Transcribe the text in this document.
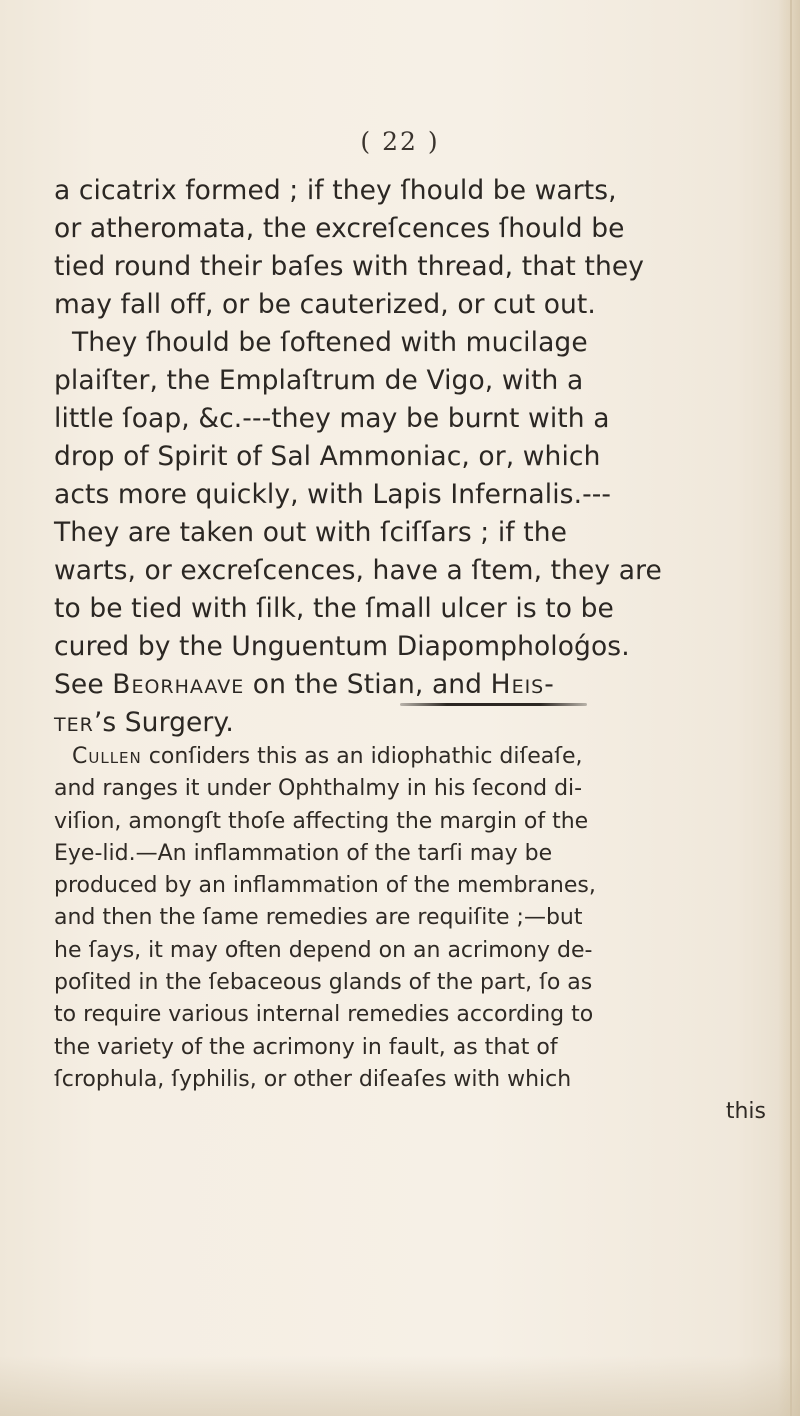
( 22 )
a cicatrix formed ; if they ſhould be warts,
or atheromata, the excreſcences ſhould be
tied round their baſes with thread, that they
may fall off, or be cauterized, or cut out.
They ſhould be ſoftened with mucilage
plaiſter, the Emplaſtrum de Vigo, with a
little ſoap, &c.---they may be burnt with a
drop of Spirit of Sal Ammoniac, or, which
acts more quickly, with Lapis Infernalis.---
They are taken out with ſciſſars ; if the
warts, or excreſcences, have a ſtem, they are
to be tied with ſilk, the ſmall ulcer is to be
cured by the Unguentum Diapompholoǵos.
See Beorhaave on the Stian, and Heis-
ter’s Surgery.
Cullen conſiders this as an idiophathic diſeaſe,
and ranges it under Ophthalmy in his ſecond di-
viſion, amongſt thoſe affecting the margin of the
Eye-lid.—An inflammation of the tarſi may be
produced by an inflammation of the membranes,
and then the ſame remedies are requiſite ;—but
he ſays, it may often depend on an acrimony de-
poſited in the ſebaceous glands of the part, ſo as
to require various internal remedies according to
the variety of the acrimony in fault, as that of
ſcrophula, ſyphilis, or other diſeaſes with which
this
